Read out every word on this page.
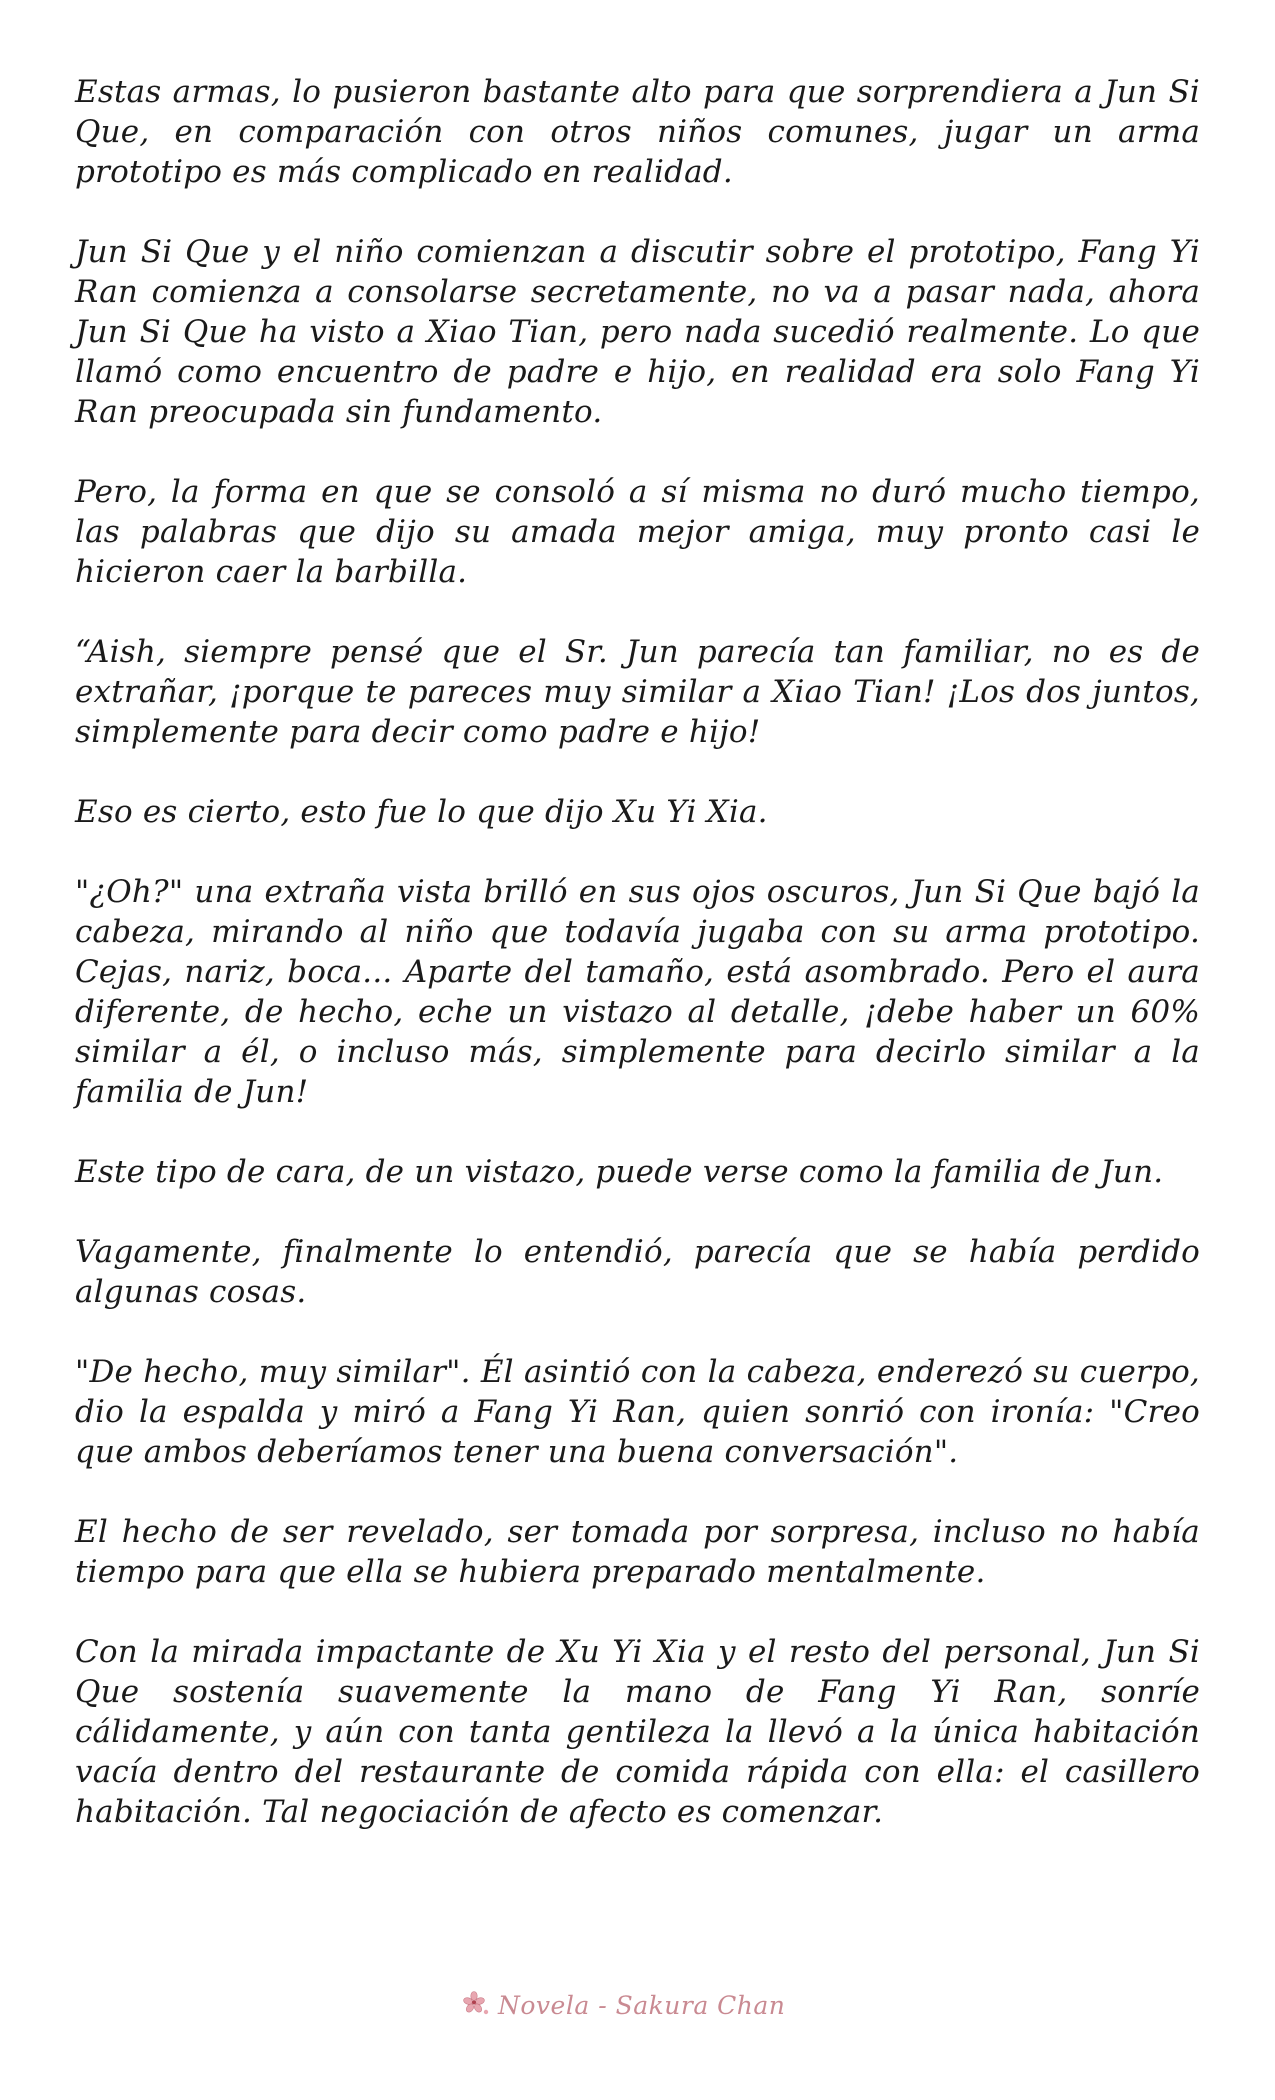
Estas armas, lo pusieron bastante alto para que sorprendiera a Jun Si Que, en comparación con otros niños comunes, jugar un arma prototipo es más complicado en realidad.

Jun Si Que y el niño comienzan a discutir sobre el prototipo, Fang Yi Ran comienza a consolarse secretamente, no va a pasar nada, ahora Jun Si Que ha visto a Xiao Tian, pero nada sucedió realmente. Lo que llamó como encuentro de padre e hijo, en realidad era solo Fang Yi Ran preocupada sin fundamento.

Pero, la forma en que se consoló a sí misma no duró mucho tiempo, las palabras que dijo su amada mejor amiga, muy pronto casi le hicieron caer la barbilla.

“Aish, siempre pensé que el Sr. Jun parecía tan familiar, no es de extrañar, ¡porque te pareces muy similar a Xiao Tian! ¡Los dos juntos, simplemente para decir como padre e hijo!

Eso es cierto, esto fue lo que dijo Xu Yi Xia.

"¿Oh?" una extraña vista brilló en sus ojos oscuros, Jun Si Que bajó la cabeza, mirando al niño que todavía jugaba con su arma prototipo. Cejas, nariz, boca... Aparte del tamaño, está asombrado. Pero el aura diferente, de hecho, eche un vistazo al detalle, ¡debe haber un 60% similar a él, o incluso más, simplemente para decirlo similar a la familia de Jun!

Este tipo de cara, de un vistazo, puede verse como la familia de Jun.

Vagamente, finalmente lo entendió, parecía que se había perdido algunas cosas.

"De hecho, muy similar". Él asintió con la cabeza, enderezó su cuerpo, dio la espalda y miró a Fang Yi Ran, quien sonrió con ironía: "Creo que ambos deberíamos tener una buena conversación".

El hecho de ser revelado, ser tomada por sorpresa, incluso no había tiempo para que ella se hubiera preparado mentalmente.

Con la mirada impactante de Xu Yi Xia y el resto del personal, Jun Si Que sostenía suavemente la mano de Fang Yi Ran, sonríe cálidamente, y aún con tanta gentileza la llevó a la única habitación vacía dentro del restaurante de comida rápida con ella: el casillero habitación. Tal negociación de afecto es comenzar.

Novela - Sakura Chan
